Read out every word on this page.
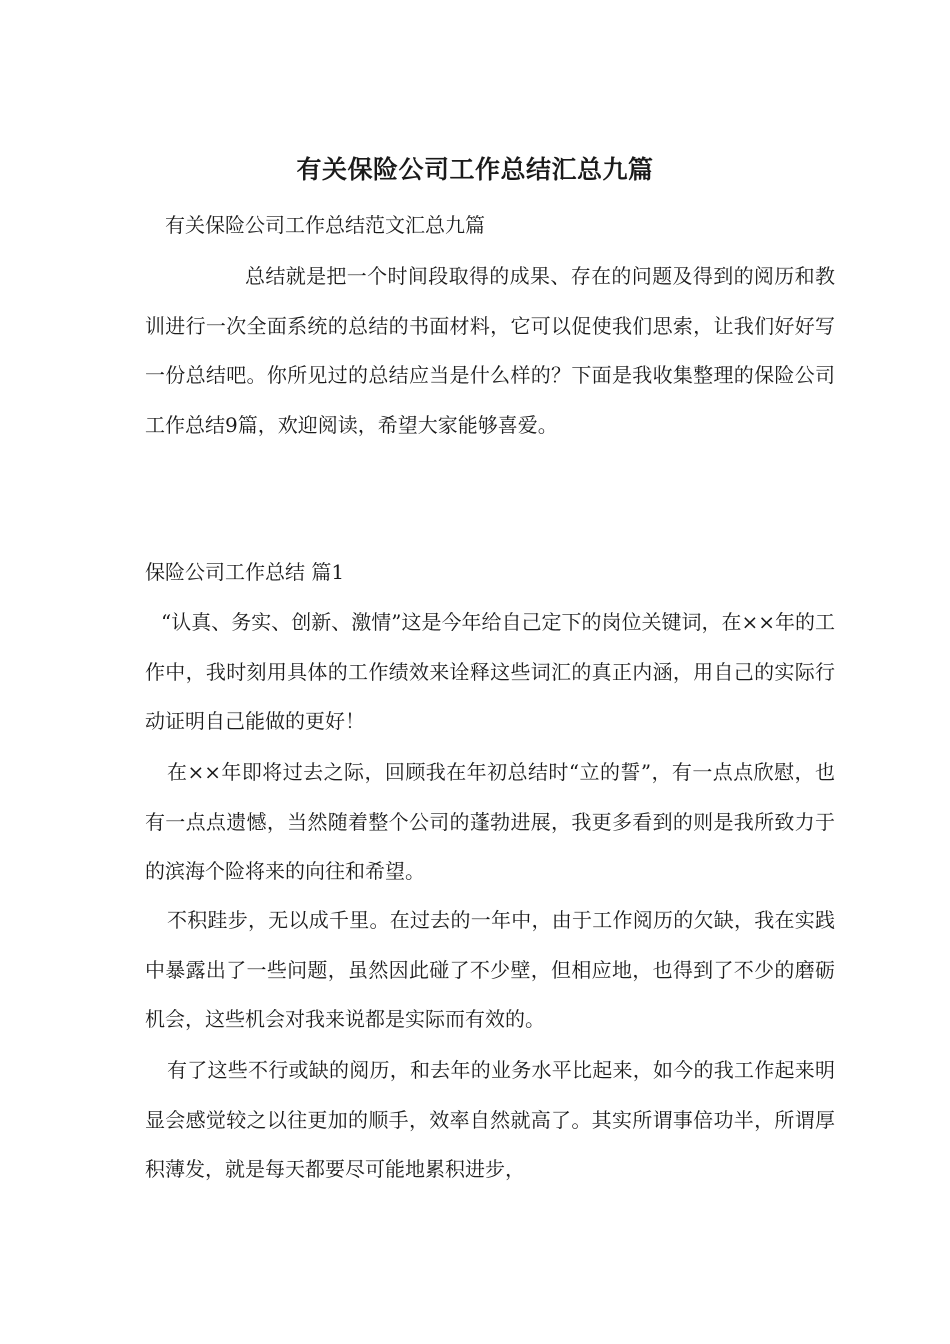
有关保险公司工作总结汇总九篇

有关保险公司工作总结范文汇总九篇

总结就是把一个时间段取得的成果、存在的问题及得到的阅历和教训进行一次全面系统的总结的书面材料，它可以促使我们思索，让我们好好写一份总结吧。你所见过的总结应当是什么样的？下面是我收集整理的保险公司工作总结9篇，欢迎阅读，希望大家能够喜爱。

保险公司工作总结 篇1

“认真、务实、创新、激情”这是今年给自己定下的岗位关键词，在××年的工作中，我时刻用具体的工作绩效来诠释这些词汇的真正内涵，用自己的实际行动证明自己能做的更好！

在××年即将过去之际，回顾我在年初总结时“立的誓”，有一点点欣慰，也有一点点遗憾，当然随着整个公司的蓬勃进展，我更多看到的则是我所致力于的滨海个险将来的向往和希望。

不积跬步，无以成千里。在过去的一年中，由于工作阅历的欠缺，我在实践中暴露出了一些问题，虽然因此碰了不少壁，但相应地，也得到了不少的磨砺机会，这些机会对我来说都是实际而有效的。

有了这些不行或缺的阅历，和去年的业务水平比起来，如今的我工作起来明显会感觉较之以往更加的顺手，效率自然就高了。其实所谓事倍功半，所谓厚积薄发，就是每天都要尽可能地累积进步，
